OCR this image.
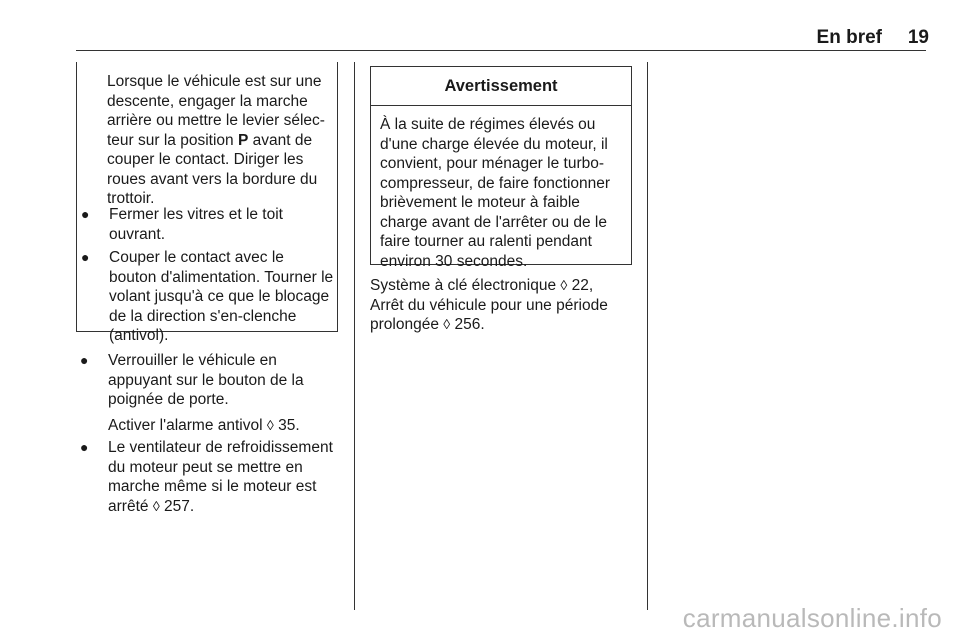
En bref 19
Lorsque le véhicule est sur une descente, engager la marche arrière ou mettre le levier sélec-teur sur la position P avant de couper le contact. Diriger les roues avant vers la bordure du trottoir.
●	Fermer les vitres et le toit ouvrant.
●	Couper le contact avec le bouton d'alimentation. Tourner le volant jusqu'à ce que le blocage de la direction s'en-clenche (antivol).
●	Verrouiller le véhicule en appuyant sur le bouton de la poignée de porte.
Activer l'alarme antivol ◊ 35.
●	Le ventilateur de refroidissement du moteur peut se mettre en marche même si le moteur est arrêté ◊ 257.
Avertissement
À la suite de régimes élevés ou d'une charge élevée du moteur, il convient, pour ménager le turbo-compresseur, de faire fonctionner brièvement le moteur à faible charge avant de l'arrêter ou de le faire tourner au ralenti pendant environ 30 secondes.
Système à clé électronique ◊ 22,
Arrêt du véhicule pour une période prolongée ◊ 256.
carmanualsonline.info
